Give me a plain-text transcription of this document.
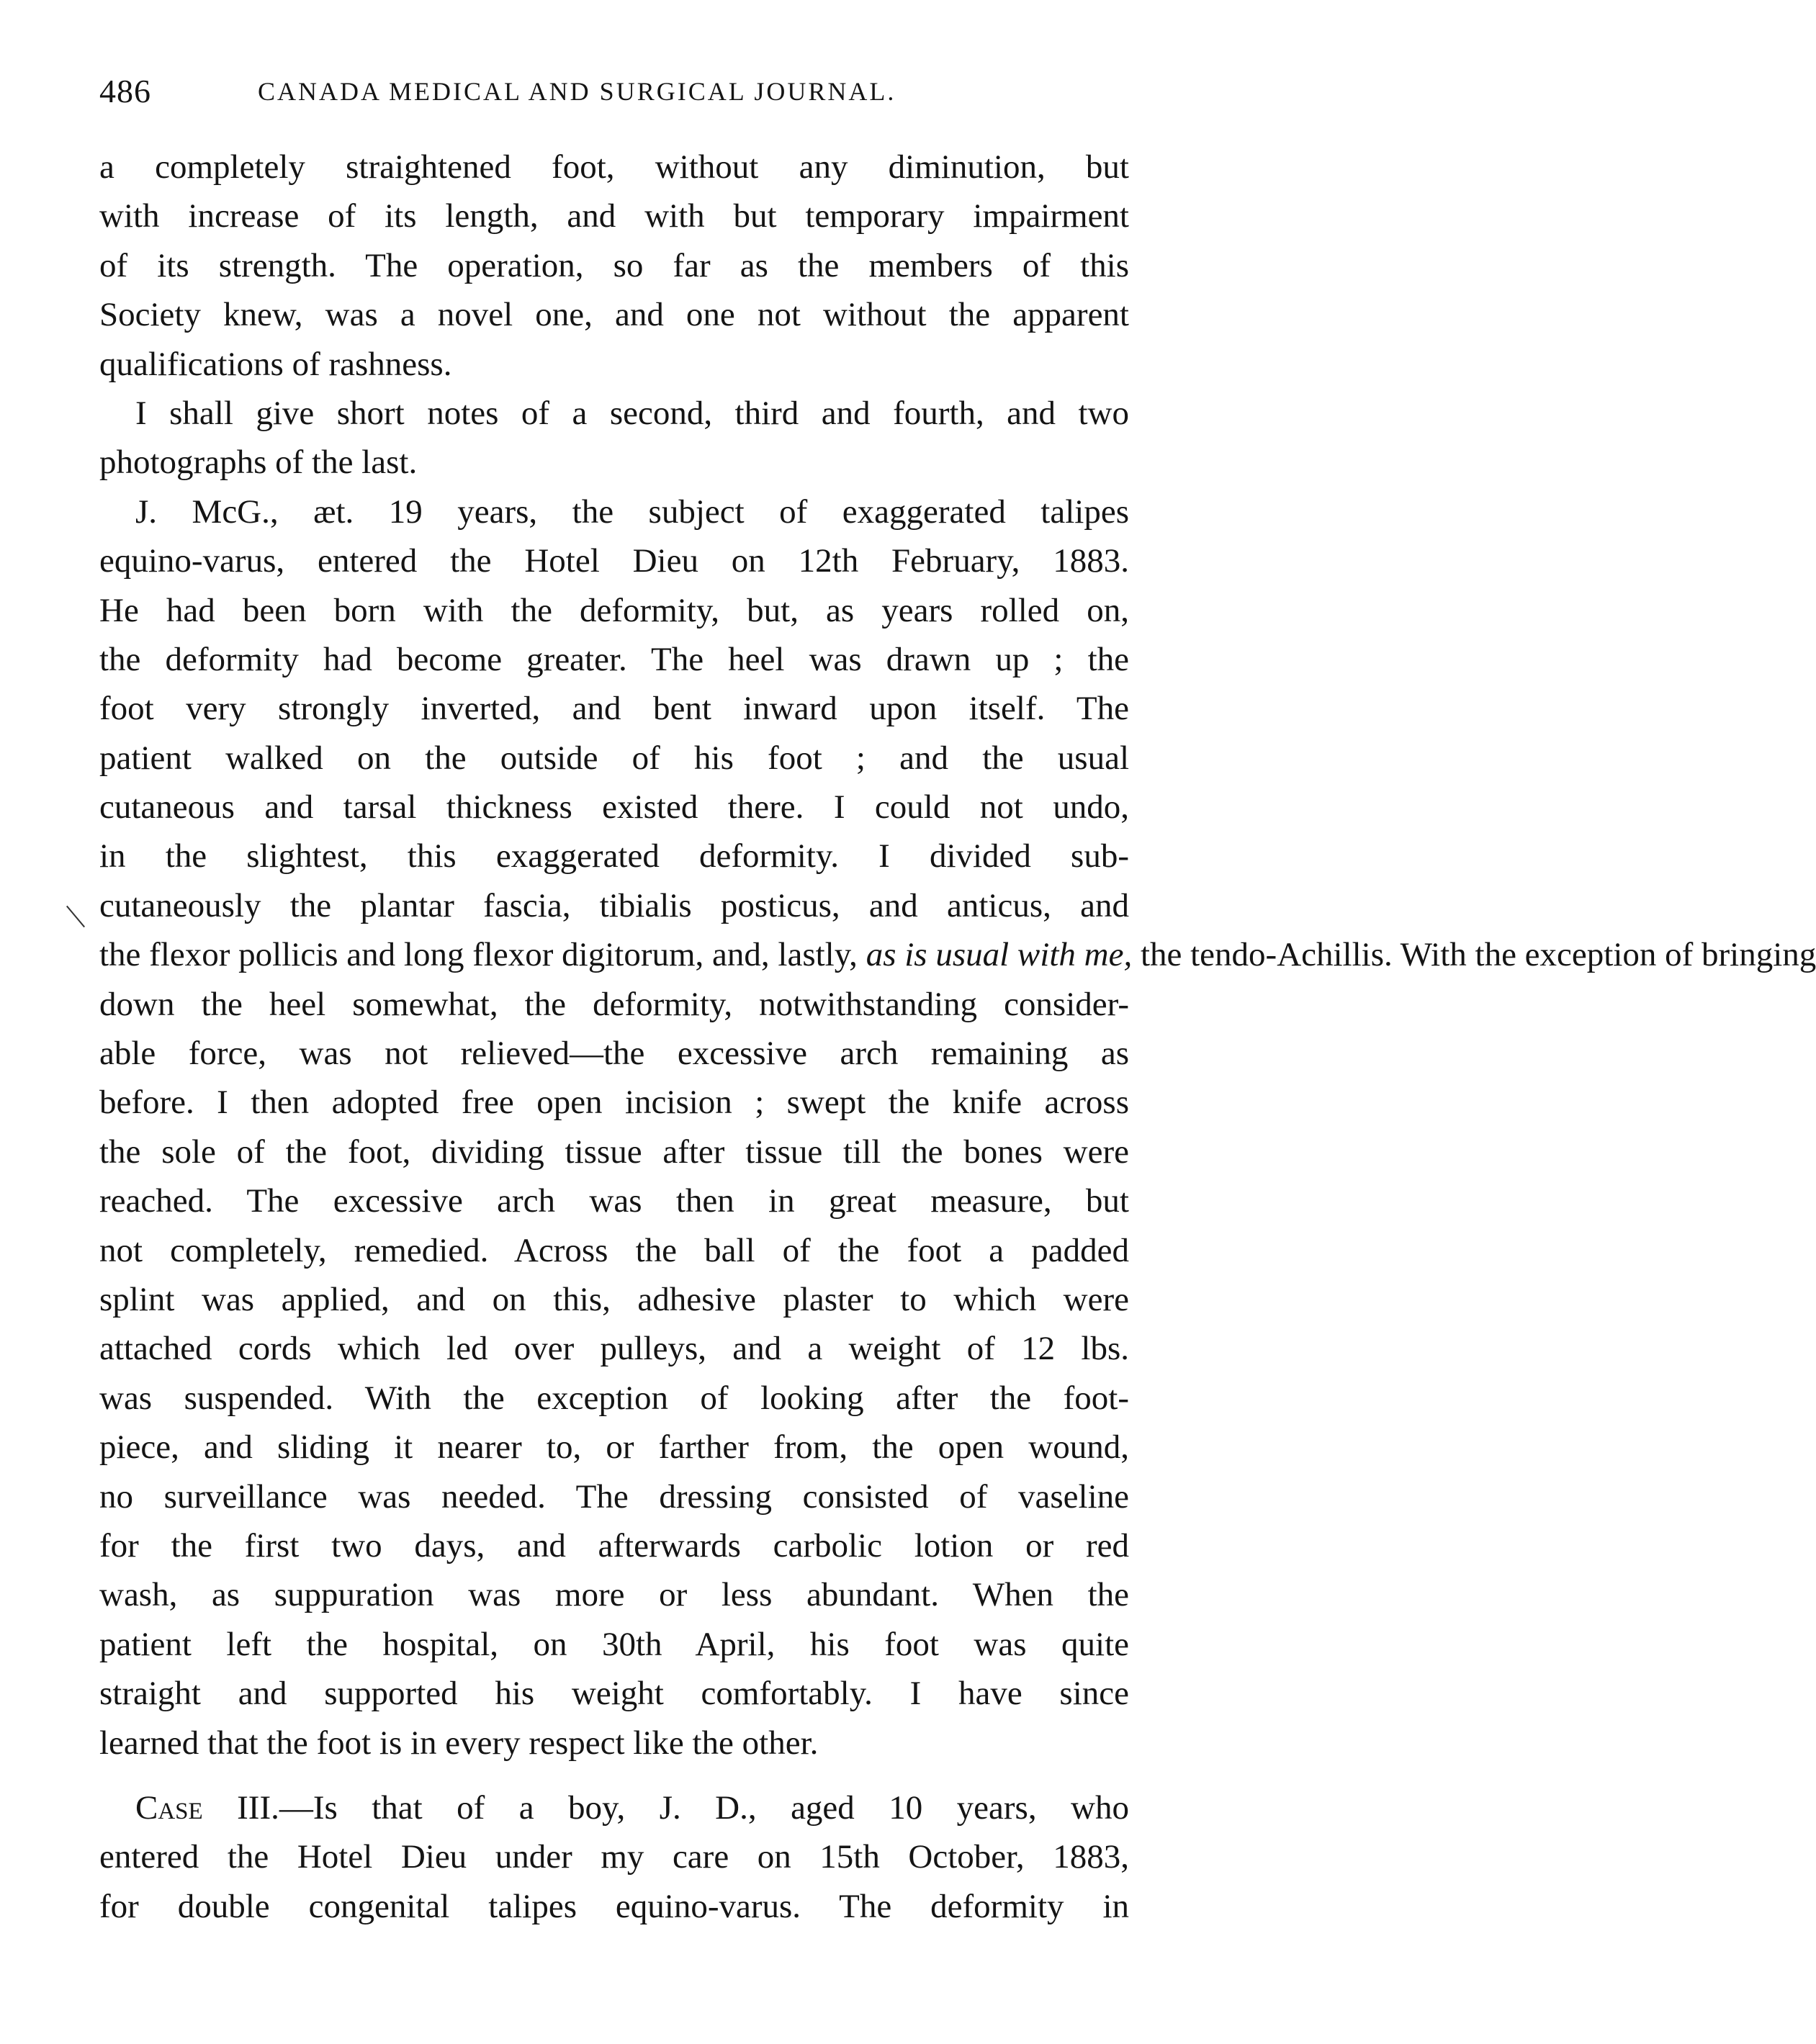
486	CANADA MEDICAL AND SURGICAL JOURNAL.
a completely straightened foot, without any diminution, but
with increase of its length, and with but temporary impairment
of its strength. The operation, so far as the members of this
Society knew, was a novel one, and one not without the apparent
qualifications of rashness.
I shall give short notes of a second, third and fourth, and two
photographs of the last.
J. McG., æt. 19 years, the subject of exaggerated talipes
equino-varus, entered the Hotel Dieu on 12th February, 1883.
He had been born with the deformity, but, as years rolled on,
the deformity had become greater. The heel was drawn up ; the
foot very strongly inverted, and bent inward upon itself. The
patient walked on the outside of his foot ; and the usual
cutaneous and tarsal thickness existed there. I could not undo,
in the slightest, this exaggerated deformity. I divided sub-
cutaneously the plantar fascia, tibialis posticus, and anticus, and
the flexor pollicis and long flexor digitorum, and, lastly, as is usual with me, the tendo-Achillis. With the exception of bringing
down the heel somewhat, the deformity, notwithstanding consider-
able force, was not relieved—the excessive arch remaining as
before. I then adopted free open incision ; swept the knife across
the sole of the foot, dividing tissue after tissue till the bones were
reached. The excessive arch was then in great measure, but
not completely, remedied. Across the ball of the foot a padded
splint was applied, and on this, adhesive plaster to which were
attached cords which led over pulleys, and a weight of 12 lbs.
was suspended. With the exception of looking after the foot-
piece, and sliding it nearer to, or farther from, the open wound,
no surveillance was needed. The dressing consisted of vaseline
for the first two days, and afterwards carbolic lotion or red
wash, as suppuration was more or less abundant. When the
patient left the hospital, on 30th April, his foot was quite
straight and supported his weight comfortably. I have since
learned that the foot is in every respect like the other.
Case III.—Is that of a boy, J. D., aged 10 years, who
entered the Hotel Dieu under my care on 15th October, 1883,
for double congenital talipes equino-varus. The deformity in
